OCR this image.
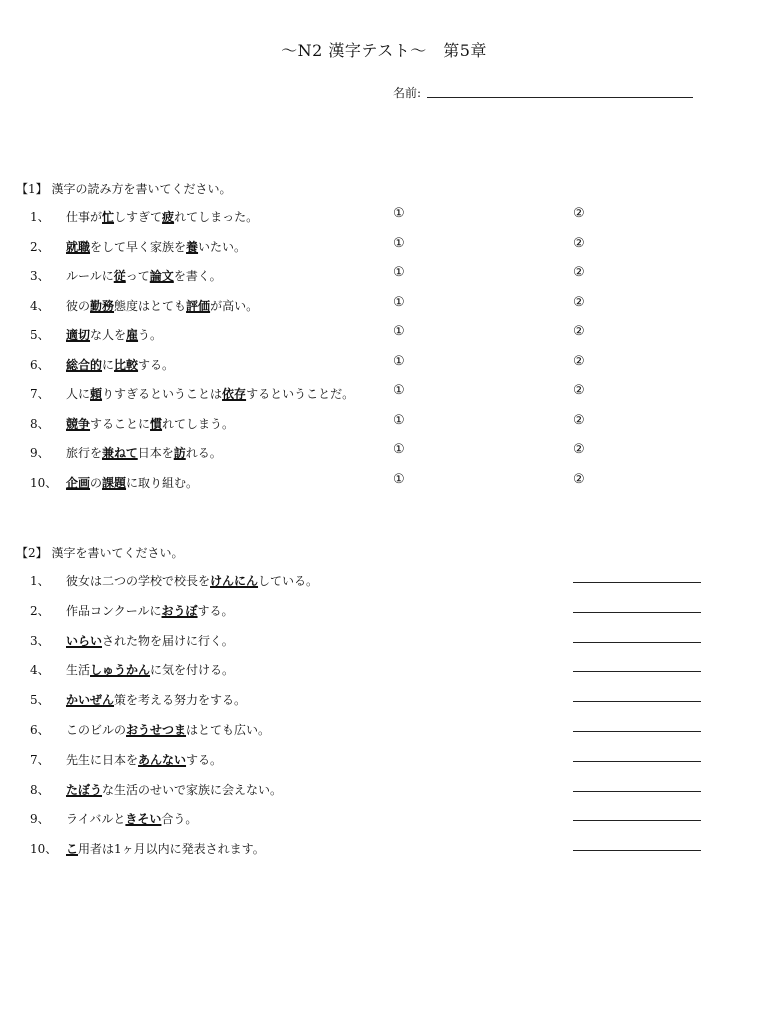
〜N2 漢字テスト〜　第5章
名前:
【1】 漢字の読み方を書いてください。
1、 仕事が忙しすぎて疲れてしまった。	①	②
2、 就職をして早く家族を養いたい。	①	②
3、 ルールに従って論文を書く。	①	②
4、 彼の勤務態度はとても評価が高い。	①	②
5、 適切な人を雇う。	①	②
6、 総合的に比較する。	①	②
7、 人に頼りすぎるということは依存するということだ。	①	②
8、 競争することに慣れてしまう。	①	②
9、 旅行を兼ねて日本を訪れる。	①	②
10、 企画の課題に取り組む。	①	②
【2】 漢字を書いてください。
1、 彼女は二つの学校で校長をけんにんしている。
2、 作品コンクールにおうぼする。
3、 いらいされた物を届けに行く。
4、 生活しゅうかんに気を付ける。
5、 かいぜん策を考える努力をする。
6、 このビルのおうせつまはとても広い。
7、 先生に日本をあんないする。
8、 たぼうな生活のせいで家族に会えない。
9、 ライバルときそい合う。
10、 こ用者は1ヶ月以内に発表されます。
